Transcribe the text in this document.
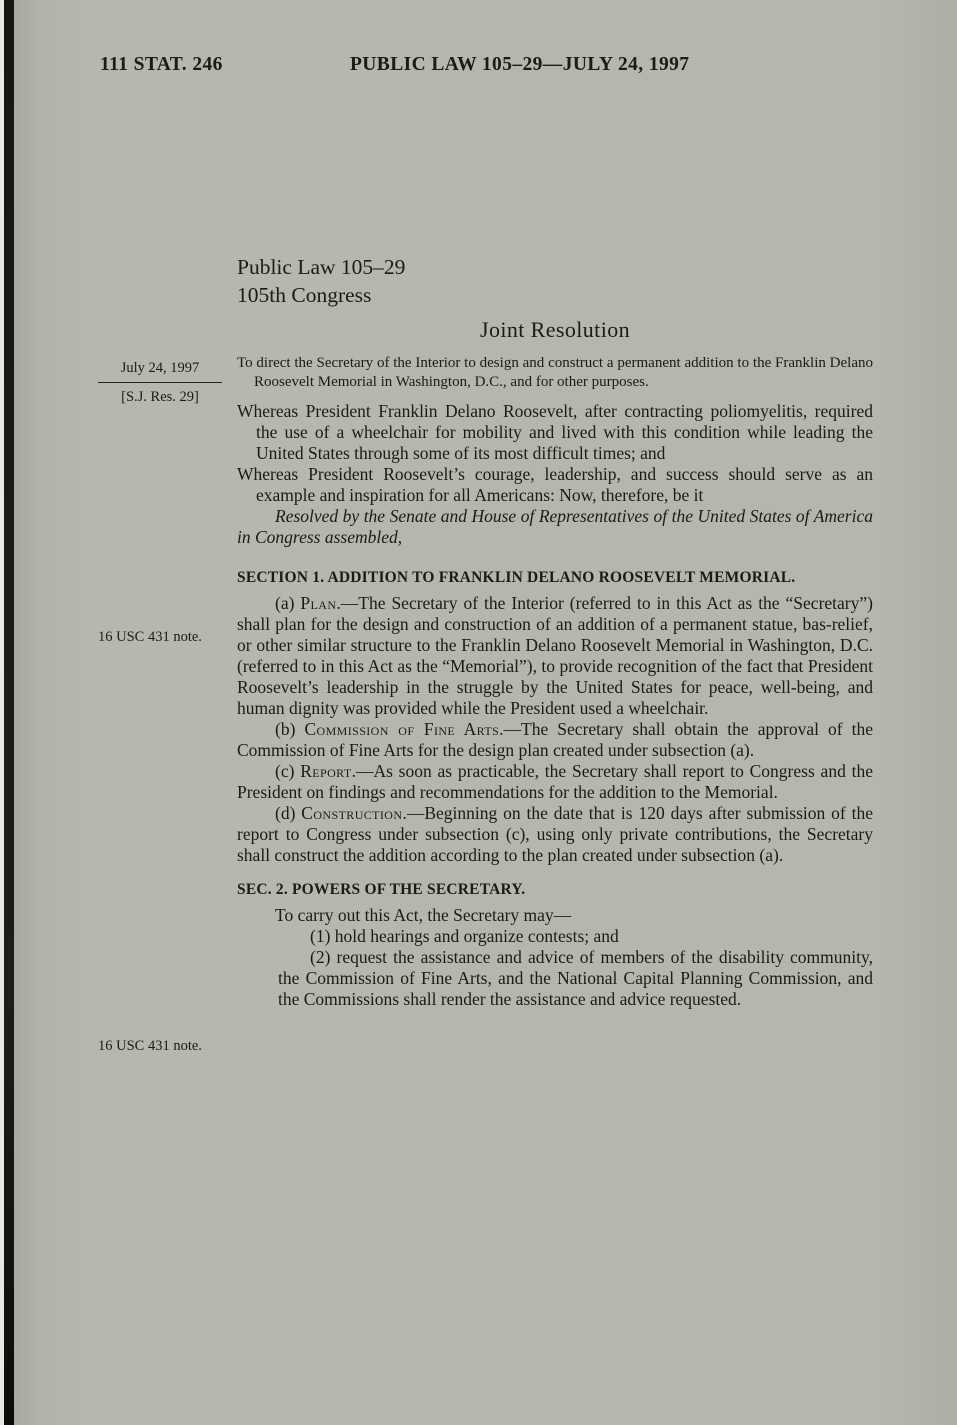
111 STAT. 246	PUBLIC LAW 105–29—JULY 24, 1997
July 24, 1997
[S.J. Res. 29]
16 USC 431 note.
16 USC 431 note.
Public Law 105–29
105th Congress
Joint Resolution

To direct the Secretary of the Interior to design and construct a permanent addition to the Franklin Delano Roosevelt Memorial in Washington, D.C., and for other purposes.

Whereas President Franklin Delano Roosevelt, after contracting poliomyelitis, required the use of a wheelchair for mobility and lived with this condition while leading the United States through some of its most difficult times; and

Whereas President Roosevelt’s courage, leadership, and success should serve as an example and inspiration for all Americans: Now, therefore, be it

Resolved by the Senate and House of Representatives of the United States of America in Congress assembled,

SECTION 1. ADDITION TO FRANKLIN DELANO ROOSEVELT MEMORIAL.

(a) Plan.—The Secretary of the Interior (referred to in this Act as the “Secretary”) shall plan for the design and construction of an addition of a permanent statue, bas-relief, or other similar structure to the Franklin Delano Roosevelt Memorial in Washington, D.C. (referred to in this Act as the “Memorial”), to provide recognition of the fact that President Roosevelt’s leadership in the struggle by the United States for peace, well-being, and human dignity was provided while the President used a wheelchair.

(b) Commission of Fine Arts.—The Secretary shall obtain the approval of the Commission of Fine Arts for the design plan created under subsection (a).

(c) Report.—As soon as practicable, the Secretary shall report to Congress and the President on findings and recommendations for the addition to the Memorial.

(d) Construction.—Beginning on the date that is 120 days after submission of the report to Congress under subsection (c), using only private contributions, the Secretary shall construct the addition according to the plan created under subsection (a).

SEC. 2. POWERS OF THE SECRETARY.

To carry out this Act, the Secretary may—

(1) hold hearings and organize contests; and

(2) request the assistance and advice of members of the disability community, the Commission of Fine Arts, and the National Capital Planning Commission, and the Commissions shall render the assistance and advice requested.
